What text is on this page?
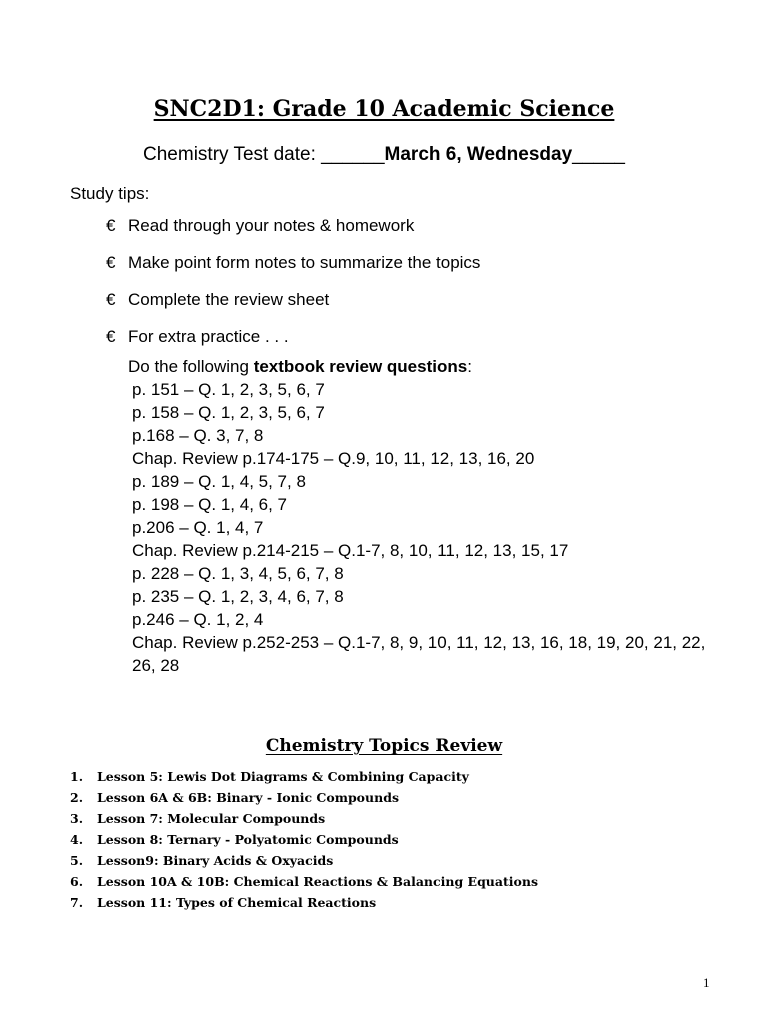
SNC2D1: Grade 10 Academic Science
Chemistry Test date: ______March 6, Wednesday_____
Study tips:
€ Read through your notes & homework
€ Make point form notes to summarize the topics
€ Complete the review sheet
€ For extra practice . . .
Do the following textbook review questions:
p. 151 – Q. 1, 2, 3, 5, 6, 7
p. 158 – Q. 1, 2, 3, 5, 6, 7
p.168 – Q. 3, 7, 8
Chap. Review p.174-175 – Q.9, 10, 11, 12, 13, 16, 20
p. 189 – Q. 1, 4, 5, 7, 8
p. 198 – Q. 1, 4, 6, 7
p.206 – Q. 1, 4, 7
Chap. Review p.214-215 – Q.1-7, 8, 10, 11, 12, 13, 15, 17
p. 228 – Q. 1, 3, 4, 5, 6, 7, 8
p. 235 – Q. 1, 2, 3, 4, 6, 7, 8
p.246 – Q. 1, 2, 4
Chap. Review p.252-253 – Q.1-7, 8, 9, 10, 11, 12, 13, 16, 18, 19, 20, 21, 22, 26, 28
Chemistry Topics Review
1.	Lesson 5: Lewis Dot Diagrams & Combining Capacity
2.	Lesson 6A & 6B: Binary - Ionic Compounds
3.	Lesson 7: Molecular Compounds
4.	Lesson 8: Ternary - Polyatomic Compounds
5.	Lesson9: Binary Acids & Oxyacids
6.	Lesson 10A & 10B: Chemical Reactions & Balancing Equations
7.	Lesson 11: Types of Chemical Reactions
1
